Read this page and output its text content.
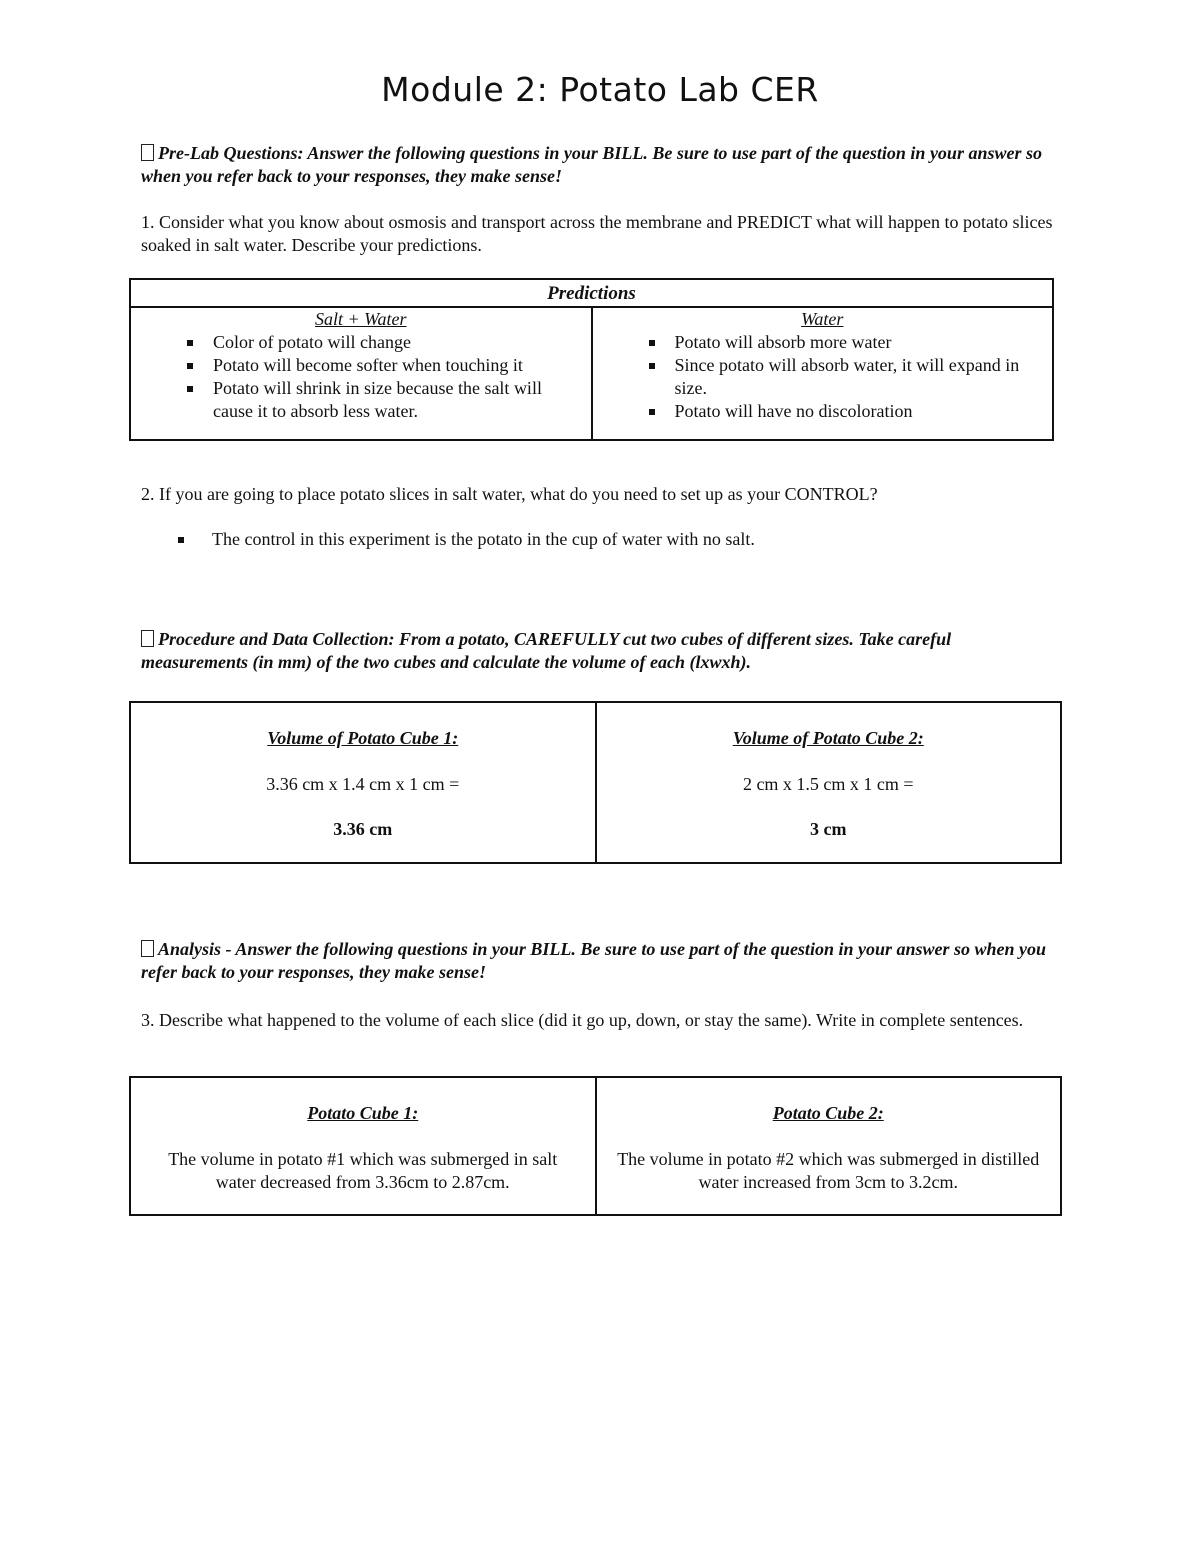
Module 2: Potato Lab CER
Pre-Lab Questions: Answer the following questions in your BILL. Be sure to use part of the question in your answer so when you refer back to your responses, they make sense!
1. Consider what you know about osmosis and transport across the membrane and PREDICT what will happen to potato slices soaked in salt water. Describe your predictions.
Predictions

Salt + Water
Color of potato will change
Potato will become softer when touching it
Potato will shrink in size because the salt will cause it to absorb less water.

Water
Potato will absorb more water
Since potato will absorb water, it will expand in size.
Potato will have no discoloration
2. If you are going to place potato slices in salt water, what do you need to set up as your CONTROL?
The control in this experiment is the potato in the cup of water with no salt.
Procedure and Data Collection: From a potato, CAREFULLY cut two cubes of different sizes. Take careful measurements (in mm) of the two cubes and calculate the volume of each (lxwxh).
Volume of Potato Cube 1:
3.36 cm x 1.4 cm x 1 cm =
3.36 cm

Volume of Potato Cube 2:
2 cm x 1.5 cm x 1 cm =
3 cm
Analysis - Answer the following questions in your BILL. Be sure to use part of the question in your answer so when you refer back to your responses, they make sense!
3. Describe what happened to the volume of each slice (did it go up, down, or stay the same). Write in complete sentences.
Potato Cube 1:
The volume in potato #1 which was submerged in salt water decreased from 3.36cm to 2.87cm.

Potato Cube 2:
The volume in potato #2 which was submerged in distilled water increased from 3cm to 3.2cm.
